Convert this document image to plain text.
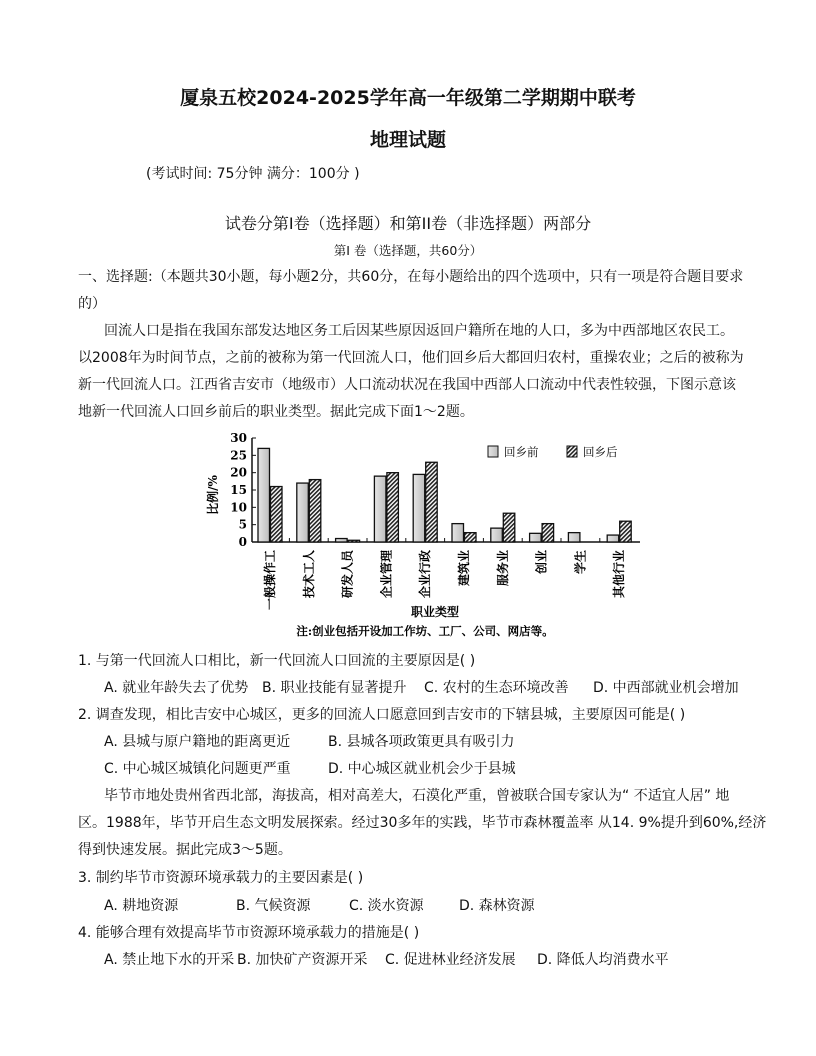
厦泉五校2024-2025学年高一年级第二学期期中联考
地理试题
(考试时间: 75分钟 满分：100分 )
试卷分第I卷（选择题）和第II卷（非选择题）两部分
第I 卷（选择题，共60分）
一、选择题:（本题共30小题，每小题2分，共60分，在每小题给出的四个选项中，只有一项是符合题目要求
的）
回流人口是指在我国东部发达地区务工后因某些原因返回户籍所在地的人口，多为中西部地区农民工。
以2008年为时间节点，之前的被称为第一代回流人口，他们回乡后大都回归农村，重操农业；之后的被称为
新一代回流人口。江西省吉安市（地级市）人口流动状况在我国中西部人口流动中代表性较强，下图示意该
地新一代回流人口回乡前后的职业类型。据此完成下面1～2题。
0
5
10
15
20
25
30
一般操作工 技术工人 研发人员 企业管理 企业行政 建筑业 服务业 创业 学生 其他行业
比例/%
职业类型
注:创业包括开设加工作坊、工厂、公司、网店等。
回乡前	回乡后
1. 与第一代回流人口相比，新一代回流人口回流的主要原因是( )
A. 就业年龄失去了优势 B. 职业技能有显著提升 C. 农村的生态环境改善 D. 中西部就业机会增加
2. 调查发现，相比吉安中心城区，更多的回流人口愿意回到吉安市的下辖县城，主要原因可能是( )
A. 县城与原户籍地的距离更近	B. 县城各项政策更具有吸引力
C. 中心城区城镇化问题更严重	D. 中心城区就业机会少于县城
毕节市地处贵州省西北部，海拔高，相对高差大，石漠化严重，曾被联合国专家认为“ 不适宜人居” 地
区。1988年，毕节开启生态文明发展探索。经过30多年的实践，毕节市森林覆盖率 从14. 9%提升到60%,经济
得到快速发展。据此完成3～5题。
3. 制约毕节市资源环境承载力的主要因素是( )
A. 耕地资源	B. 气候资源	C. 淡水资源	D. 森林资源
4. 能够合理有效提高毕节市资源环境承载力的措施是( )
A. 禁止地下水的开采 B. 加快矿产资源开采 C. 促进林业经济发展 D. 降低人均消费水平
